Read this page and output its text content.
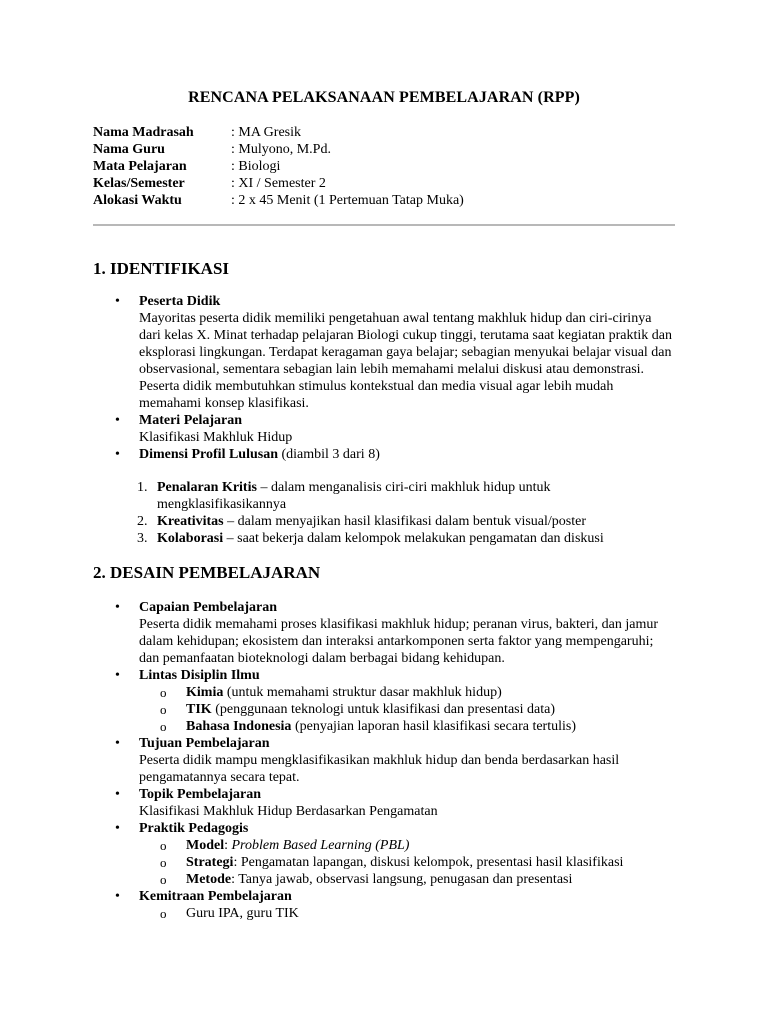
RENCANA PELAKSANAAN PEMBELAJARAN (RPP)
Nama Madrasah	: MA Gresik
Nama Guru	: Mulyono, M.Pd.
Mata Pelajaran	: Biologi
Kelas/Semester	: XI / Semester 2
Alokasi Waktu	: 2 x 45 Menit (1 Pertemuan Tatap Muka)
1. IDENTIFIKASI
• Peserta Didik
Mayoritas peserta didik memiliki pengetahuan awal tentang makhluk hidup dan ciri-cirinya dari kelas X. Minat terhadap pelajaran Biologi cukup tinggi, terutama saat kegiatan praktik dan eksplorasi lingkungan. Terdapat keragaman gaya belajar; sebagian menyukai belajar visual dan observasional, sementara sebagian lain lebih memahami melalui diskusi atau demonstrasi. Peserta didik membutuhkan stimulus kontekstual dan media visual agar lebih mudah memahami konsep klasifikasi.
• Materi Pelajaran
Klasifikasi Makhluk Hidup
• Dimensi Profil Lulusan (diambil 3 dari 8)
1. Penalaran Kritis – dalam menganalisis ciri-ciri makhluk hidup untuk mengklasifikasikannya
2. Kreativitas – dalam menyajikan hasil klasifikasi dalam bentuk visual/poster
3. Kolaborasi – saat bekerja dalam kelompok melakukan pengamatan dan diskusi
2. DESAIN PEMBELAJARAN
• Capaian Pembelajaran
Peserta didik memahami proses klasifikasi makhluk hidup; peranan virus, bakteri, dan jamur dalam kehidupan; ekosistem dan interaksi antarkomponen serta faktor yang mempengaruhi; dan pemanfaatan bioteknologi dalam berbagai bidang kehidupan.
• Lintas Disiplin Ilmu
o Kimia (untuk memahami struktur dasar makhluk hidup)
o TIK (penggunaan teknologi untuk klasifikasi dan presentasi data)
o Bahasa Indonesia (penyajian laporan hasil klasifikasi secara tertulis)
• Tujuan Pembelajaran
Peserta didik mampu mengklasifikasikan makhluk hidup dan benda berdasarkan hasil pengamatannya secara tepat.
• Topik Pembelajaran
Klasifikasi Makhluk Hidup Berdasarkan Pengamatan
• Praktik Pedagogis
o Model: Problem Based Learning (PBL)
o Strategi: Pengamatan lapangan, diskusi kelompok, presentasi hasil klasifikasi
o Metode: Tanya jawab, observasi langsung, penugasan dan presentasi
• Kemitraan Pembelajaran
o Guru IPA, guru TIK
